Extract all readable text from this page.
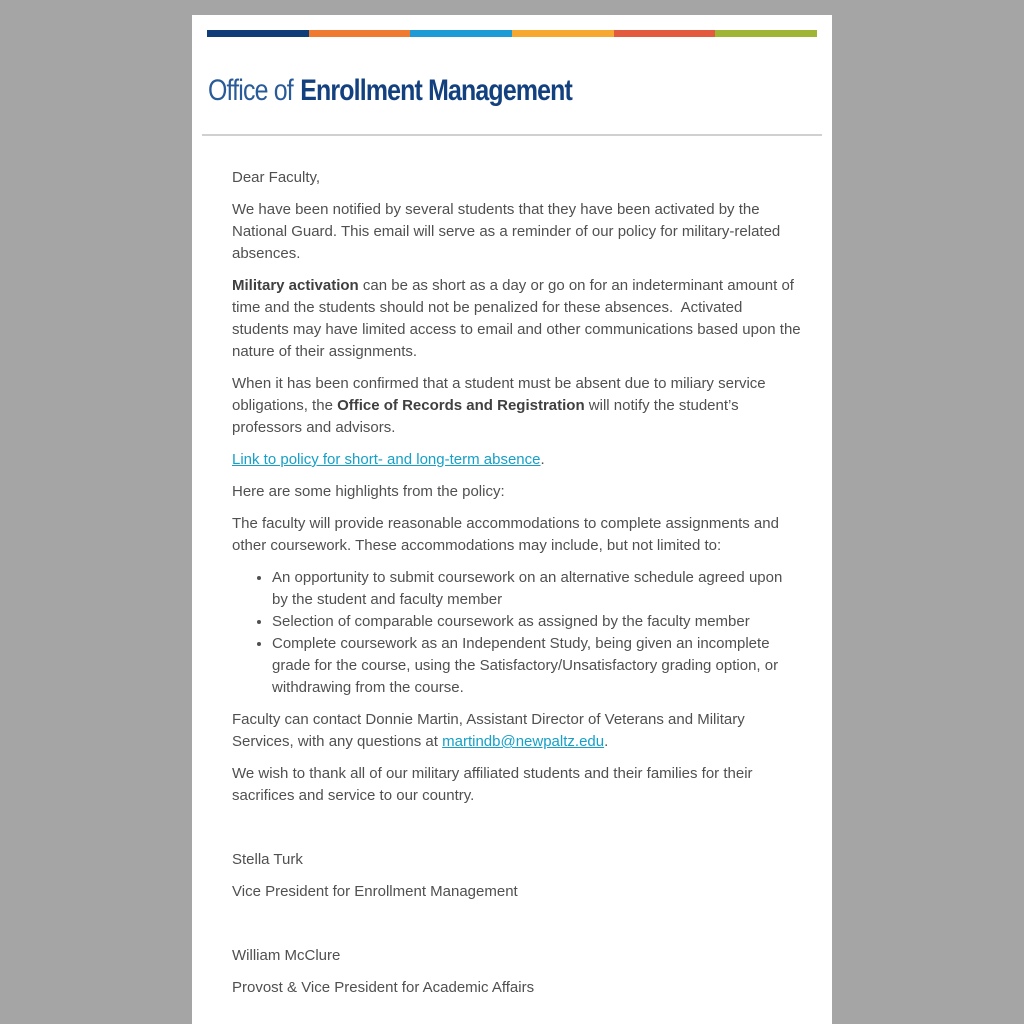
Office of Enrollment Management

Dear Faculty,

We have been notified by several students that they have been activated by the National Guard. This email will serve as a reminder of our policy for military-related absences.

Military activation can be as short as a day or go on for an indeterminant amount of time and the students should not be penalized for these absences.  Activated students may have limited access to email and other communications based upon the nature of their assignments.

When it has been confirmed that a student must be absent due to miliary service obligations, the Office of Records and Registration will notify the student’s professors and advisors.

Link to policy for short- and long-term absence.

Here are some highlights from the policy:

The faculty will provide reasonable accommodations to complete assignments and other coursework. These accommodations may include, but not limited to:

• An opportunity to submit coursework on an alternative schedule agreed upon by the student and faculty member
• Selection of comparable coursework as assigned by the faculty member
• Complete coursework as an Independent Study, being given an incomplete grade for the course, using the Satisfactory/Unsatisfactory grading option, or withdrawing from the course.

Faculty can contact Donnie Martin, Assistant Director of Veterans and Military Services, with any questions at martindb@newpaltz.edu.

We wish to thank all of our military affiliated students and their families for their sacrifices and service to our country.

Stella Turk

Vice President for Enrollment Management

William McClure

Provost & Vice President for Academic Affairs
